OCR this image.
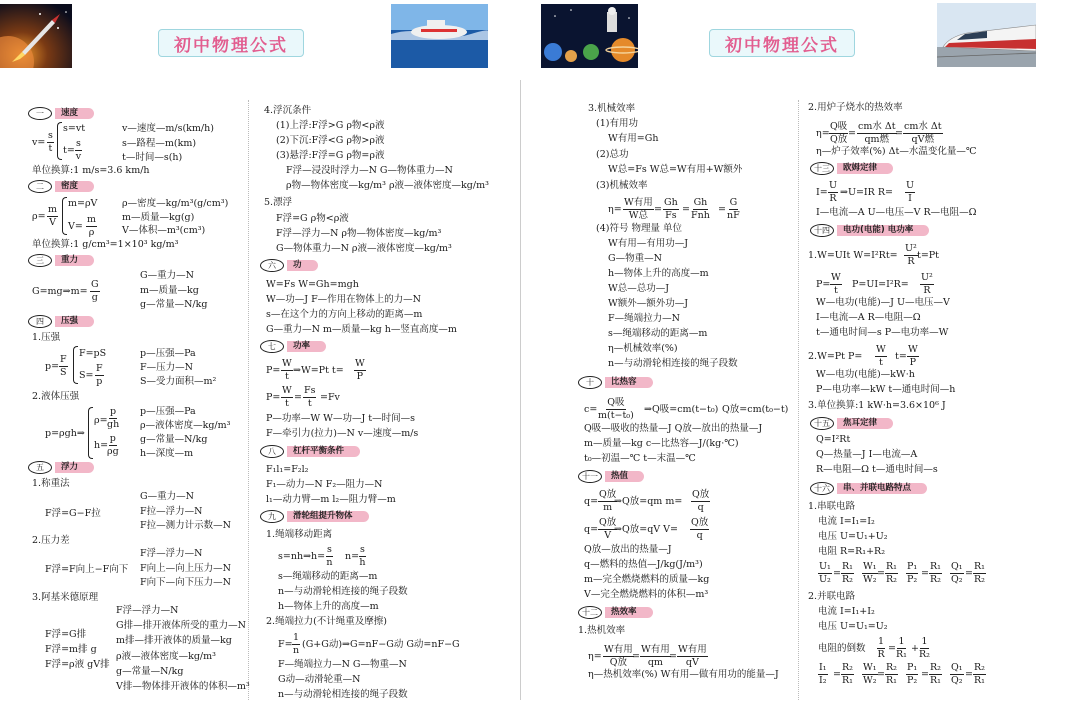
初中物理公式	初中物理公式
一	速度
$v= \frac{s}{t}$
s=vt
$t= \frac{s}{v}$
v—速度—m/s(km/h)
s—路程—m(km)
t—时间—s(h)
单位换算:1 m/s=3.6 km/h
二	密度
$\rho= \frac{m}{V}$
m=ρV
$V= \frac{m}{\rho}$
ρ—密度—kg/m³(g/cm³)
m—质量—kg(g)
V—体积—m³(cm³)
单位换算:1 g/cm³=1×10³ kg/m³
三	重力
G=mg⇒m= $\frac{G}{g}$
G—重力—N
m—质量—kg
g—常量—N/kg
四	压强
1.压强
$p= \frac{F}{S}$
F=pS
$S= \frac{F}{p}$
p—压强—Pa
F—压力—N
S—受力面积—m²
2.液体压强
p=ρgh⇒
$\rho= \frac{p}{gh}$
h=
$\frac{p}{\rho g}$
p—压强—Pa
ρ—液体密度—kg/m³
g—常量—N/kg
h—深度—m
五	浮力
1.称重法
F浮=G−F拉
G—重力—N
F拉—浮力—N
F拉—测力计示数—N
2.压力差
F浮=F向上−F向下
F浮—浮力—N
F向上—向上压力—N
F向下—向下压力—N
3.阿基米德原理
F浮=G排
F浮=m排 g
F浮=ρ液 gV排
F浮—浮力—N
G排—排开液体所受的重力—N
m排—排开液体的质量—kg
ρ液—液体密度—kg/m³
g—常量—N/kg
V排—物体排开液体的体积—m³
4.浮沉条件
(1)上浮:F浮>G ρ物<ρ液
(2)下沉:F浮<G ρ物>ρ液
(3)悬浮:F浮=G ρ物=ρ液
F浮—浸没时浮力—N G—物体重力—N
ρ物—物体密度—kg/m³ ρ液—液体密度—kg/m³
5.漂浮
F浮=G ρ物<ρ液
F浮—浮力—N ρ物—物体密度—kg/m³
G—物体重力—N ρ液—液体密度—kg/m³
六	功
W=Fs W=Gh=mgh
W—功—J F—作用在物体上的力—N
s—在这个力的方向上移动的距离—m
G—重力—N m—质量—kg h—竖直高度—m
七	功率
$P= \frac{W}{t}$ ⇒W=Pt $t= \frac{W}{P}$
$P= \frac{W}{t} = \frac{Fs}{t} =Fv$
P—功率—W W—功—J t—时间—s
F—牵引力(拉力)—N v—速度—m/s
八	杠杆平衡条件
F₁l₁=F₂l₂
F₁—动力—N F₂—阻力—N
l₁—动力臂—m l₂—阻力臂—m
九	滑轮组提升物体
1.绳端移动距离
s=nh⇒h= $\frac{s}{n} n= \frac{s}{h}$
s—绳端移动的距离—m
n—与动滑轮相连接的绳子段数
h—物体上升的高度—m
2.绳端拉力(不计绳重及摩擦)
$F= \frac{1}{n} (G+G$动)⇒G=nF−G动 G动=nF−G
F—绳端拉力—N G—物重—N
G动—动滑轮重—N
n—与动滑轮相连接的绳子段数
3.机械效率
(1)有用功
W有用=Gh
(2)总功
W总=Fs W总=W有用+W额外
(3)机械效率
η=
W有用
W总 = $\frac{Gh}{Fs}$ =
Gh
Fnh = $\frac{G}{nF}$
(4)符号 物理量 单位
W有用—有用功—J
G—物重—N
h—物体上升的高度—m
W总—总功—J
W额外—额外功—J
F—绳端拉力—N
s—绳端移动的距离—m
η—机械效率(%)
n—与动滑轮相连接的绳子段数
十	比热容
c=
Q吸
m(t−t₀) ⇒Q吸=cm(t−t₀) Q放=cm(t₀−t)
Q吸—吸收的热量—J Q放—放出的热量—J
m—质量—kg c—比热容—J/(kg·℃)
t₀—初温—℃ t—末温—℃
十一	热值
q=
Q放
m ⇒Q放=qm m=
Q放
q
q=
Q放
V ⇒Q放=qV V=
Q放
q
Q放—放出的热量—J
q—燃料的热值—J/kg(J/m³)
m—完全燃烧燃料的质量—kg
V—完全燃烧燃料的体积—m³
十二	热效率
1.热机效率
η=
W有用
Q放 =
W有用
qm =
W有用
qV
η—热机效率(%) W有用—做有用功的能量—J
2.用炉子烧水的热效率
η=
Q吸
Q放 =
cm水 Δt
qm燃 =
cm水 Δt
qV燃
η—炉子效率(%) Δt—水温变化量—℃
十三	欧姆定律
$I= \frac{U}{R}$ ⇒U=IR $R= \frac{U}{I}$
I—电流—A U—电压—V R—电阻—Ω
十四	电功(电能) 电功率
1.W=UIt $W=I^2Rt= \frac{\text{U²}}{R} t=Pt$
$P= \frac{W}{t} P=UI=I^2R= \frac{\text{U²}}{R}$
W—电功(电能)—J U—电压—V
I—电流—A R—电阻—Ω
t—通电时间—s P—电功率—W
2.W=Pt $P= \frac{W}{t} t= \frac{W}{P}$
W—电功(电能)—kW·h
P—电功率—kW t—通电时间—h
3.单位换算:1 kW·h=3.6×10⁶ J
十五	焦耳定律
Q=I²Rt
Q—热量—J I—电流—A
R—电阻—Ω t—通电时间—s
十六	串、并联电路特点
1.串联电路
电流 I=I₁=I₂
电压 U=U₁+U₂
电阻 R=R₁+R₂
$\frac{\text{U₁}}{\text{U₂}} = \frac{\text{R₁}}{\text{R₂}} \frac{\text{W₁}}{\text{W₂}} = \frac{\text{R₁}}{\text{R₂}} \frac{\text{P₁}}{\text{P₂}} = \frac{\text{R₁}}{\text{R₂}} \frac{\text{Q₁}}{\text{Q₂}} = \frac{\text{R₁}}{\text{R₂}}$
2.并联电路
电流 I=I₁+I₂
电压 U=U₁=U₂
电阻的倒数 $\frac{1}{R} = \frac{1}{\text{R₁}} + \frac{1}{\text{R₂}}$
$\frac{\text{I₁}}{\text{I₂}} = \frac{\text{R₂}}{\text{R₁}} \frac{\text{W₁}}{\text{W₂}} = \frac{\text{R₂}}{\text{R₁}} \frac{\text{P₁}}{\text{P₂}} = \frac{\text{R₂}}{\text{R₁}} \frac{\text{Q₁}}{\text{Q₂}} = \frac{\text{R₂}}{\text{R₁}}$
